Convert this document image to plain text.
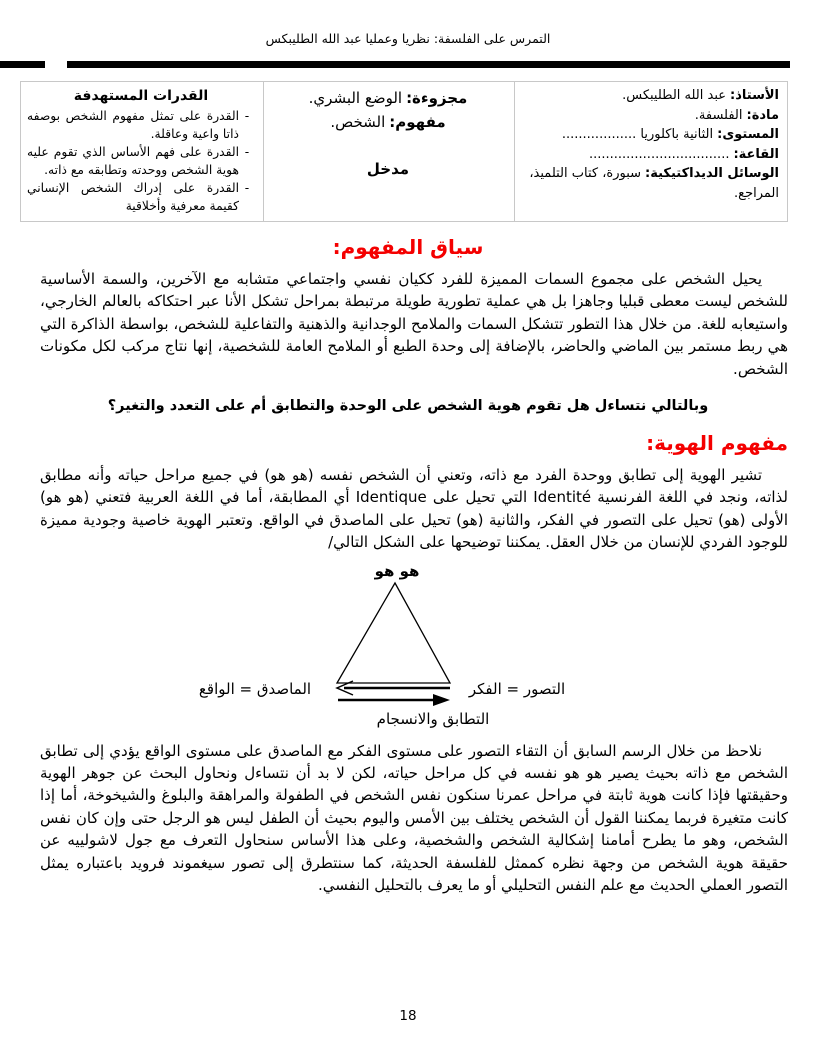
التمرس على الفلسفة: نظريا وعمليا عبد الله الطليبكس
الأستاذ:عبد الله الطليبكس.
مادة:الفلسفة.
المستوى:الثانية باكلوريا ..................
القاعة:..................................
الوسائل الديداكتيكية:سبورة، كتاب التلميذ، المراجع.

مجزوءة:الوضع البشري.
مفهوم:الشخص.
مدخل

القدرات المستهدفة
-
القدرة على تمثل مفهوم الشخص بوصفه ذاتا واعية وعاقلة.
-
القدرة على فهم الأساس الذي تقوم عليه هوية الشخص ووحدته وتطابقه مع ذاته.
-
القدرة على إدراك الشخص الإنساني كقيمة معرفية وأخلاقية
سياق المفهوم:

يحيل الشخص على مجموع السمات المميزة للفرد ككيان نفسي واجتماعي متشابه مع الآخرين، والسمة الأساسية للشخص ليست معطى قبليا وجاهزا بل هي عملية تطورية طويلة مرتبطة بمراحل تشكل الأنا عبر احتكاكه بالعالم الخارجي، واستيعابه للغة. من خلال هذا التطور تتشكل السمات والملامح الوجدانية والذهنية والتفاعلية للشخص، بواسطة الذاكرة التي هي ربط مستمر بين الماضي والحاضر، بالإضافة إلى وحدة الطبع أو الملامح العامة للشخصية، إنها نتاج مركب لكل مكونات الشخص.

وبالتالي نتساءل هل تقوم هوية الشخص على الوحدة والتطابق أم على التعدد والتغير؟

مفهوم الهوية:

تشير الهوية إلى تطابق ووحدة الفرد مع ذاته، وتعني أن الشخص نفسه (هو هو) في جميع مراحل حياته وأنه مطابق لذاته، ونجد في اللغة الفرنسية Identité التي تحيل على Identique أي المطابقة، أما في اللغة العربية فتعني (هو هو) الأولى (هو) تحيل على التصور في الفكر، والثانية (هو) تحيل على الماصدق في الواقع. وتعتبر الهوية خاصية وجودية مميزة للوجود الفردي للإنسان من خلال العقل. يمكننا توضيحها على الشكل التالي/

هو هو
الماصدق = الواقع	التصور = الفكر
التطابق والانسجام

نلاحظ من خلال الرسم السابق أن التقاء التصور على مستوى الفكر مع الماصدق على مستوى الواقع يؤدي إلى تطابق الشخص مع ذاته بحيث يصير هو هو نفسه في كل مراحل حياته، لكن لا بد أن نتساءل ونحاول البحث عن جوهر الهوية وحقيقتها فإذا كانت هوية ثابتة في مراحل عمرنا سنكون نفس الشخص في الطفولة والمراهقة والبلوغ والشيخوخة، أما إذا كانت متغيرة فربما يمكننا القول أن الشخص يختلف بين الأمس واليوم بحيث أن الطفل ليس هو الرجل حتى وإن كان نفس الشخص، وهو ما يطرح أمامنا إشكالية الشخص والشخصية، وعلى هذا الأساس سنحاول التعرف مع جول لاشولييه عن حقيقة هوية الشخص من وجهة نظره كممثل للفلسفة الحديثة، كما سنتطرق إلى تصور سيغموند فرويد باعتباره يمثل التصور العملي الحديث مع علم النفس التحليلي أو ما يعرف بالتحليل النفسي.

18
